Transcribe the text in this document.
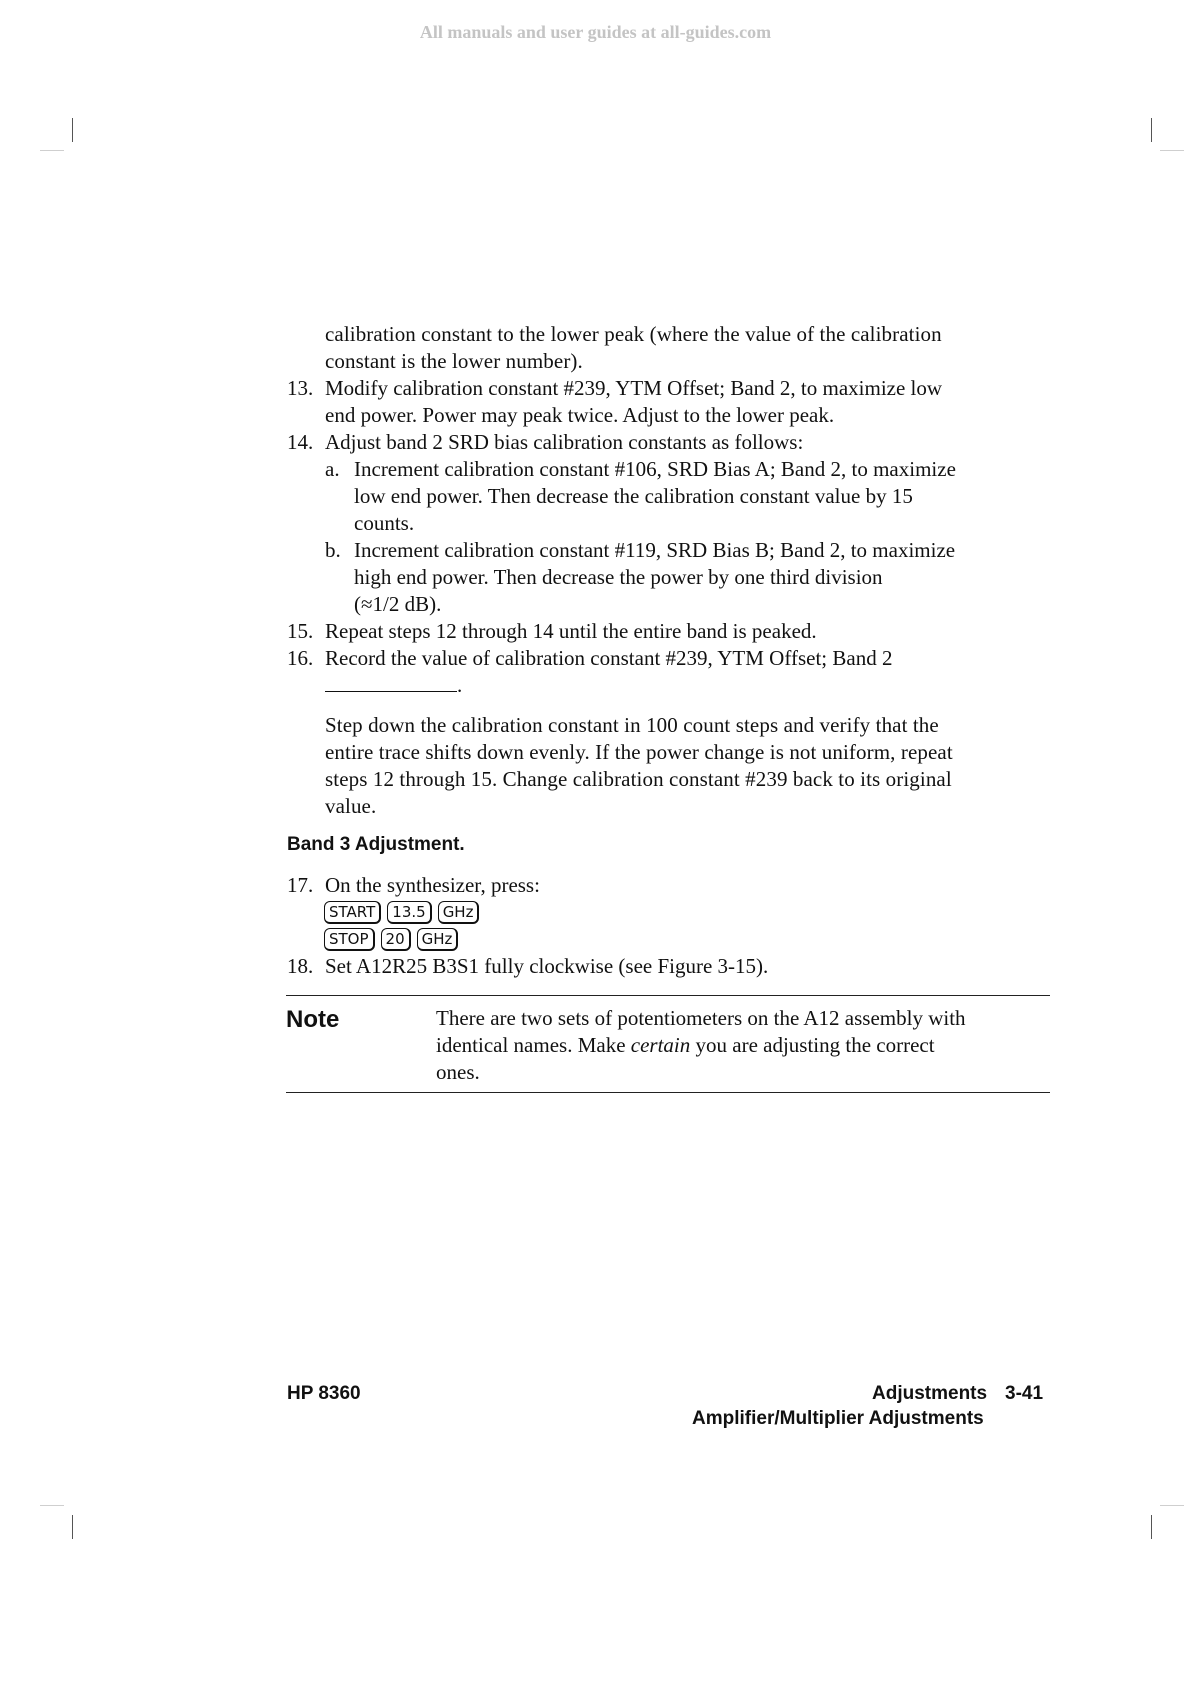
All manuals and user guides at all-guides.com
calibration constant to the lower peak (where the value of the calibration
constant is the lower number).
13. Modify calibration constant #239, YTM Offset; Band 2, to maximize low
end power. Power may peak twice. Adjust to the lower peak.
14. Adjust band 2 SRD bias calibration constants as follows:
a. Increment calibration constant #106, SRD Bias A; Band 2, to maximize
low end power. Then decrease the calibration constant value by 15
counts.
b. Increment calibration constant #119, SRD Bias B; Band 2, to maximize
high end power. Then decrease the power by one third division
(≈1/2 dB).
15. Repeat steps 12 through 14 until the entire band is peaked.
16. Record the value of calibration constant #239, YTM Offset; Band 2
.
Step down the calibration constant in 100 count steps and verify that the
entire trace shifts down evenly. If the power change is not uniform, repeat
steps 12 through 15. Change calibration constant #239 back to its original
value.
Band 3 Adjustment.
17. On the synthesizer, press:
START	13.5	GHz
STOP	20	GHz
18. Set A12R25 B3S1 fully clockwise (see Figure 3-15).
Note	There are two sets of potentiometers on the A12 assembly with
identical names. Make certain you are adjusting the correct
ones.
HP 8360	Adjustments 3-41
Amplifier/Multiplier Adjustments
